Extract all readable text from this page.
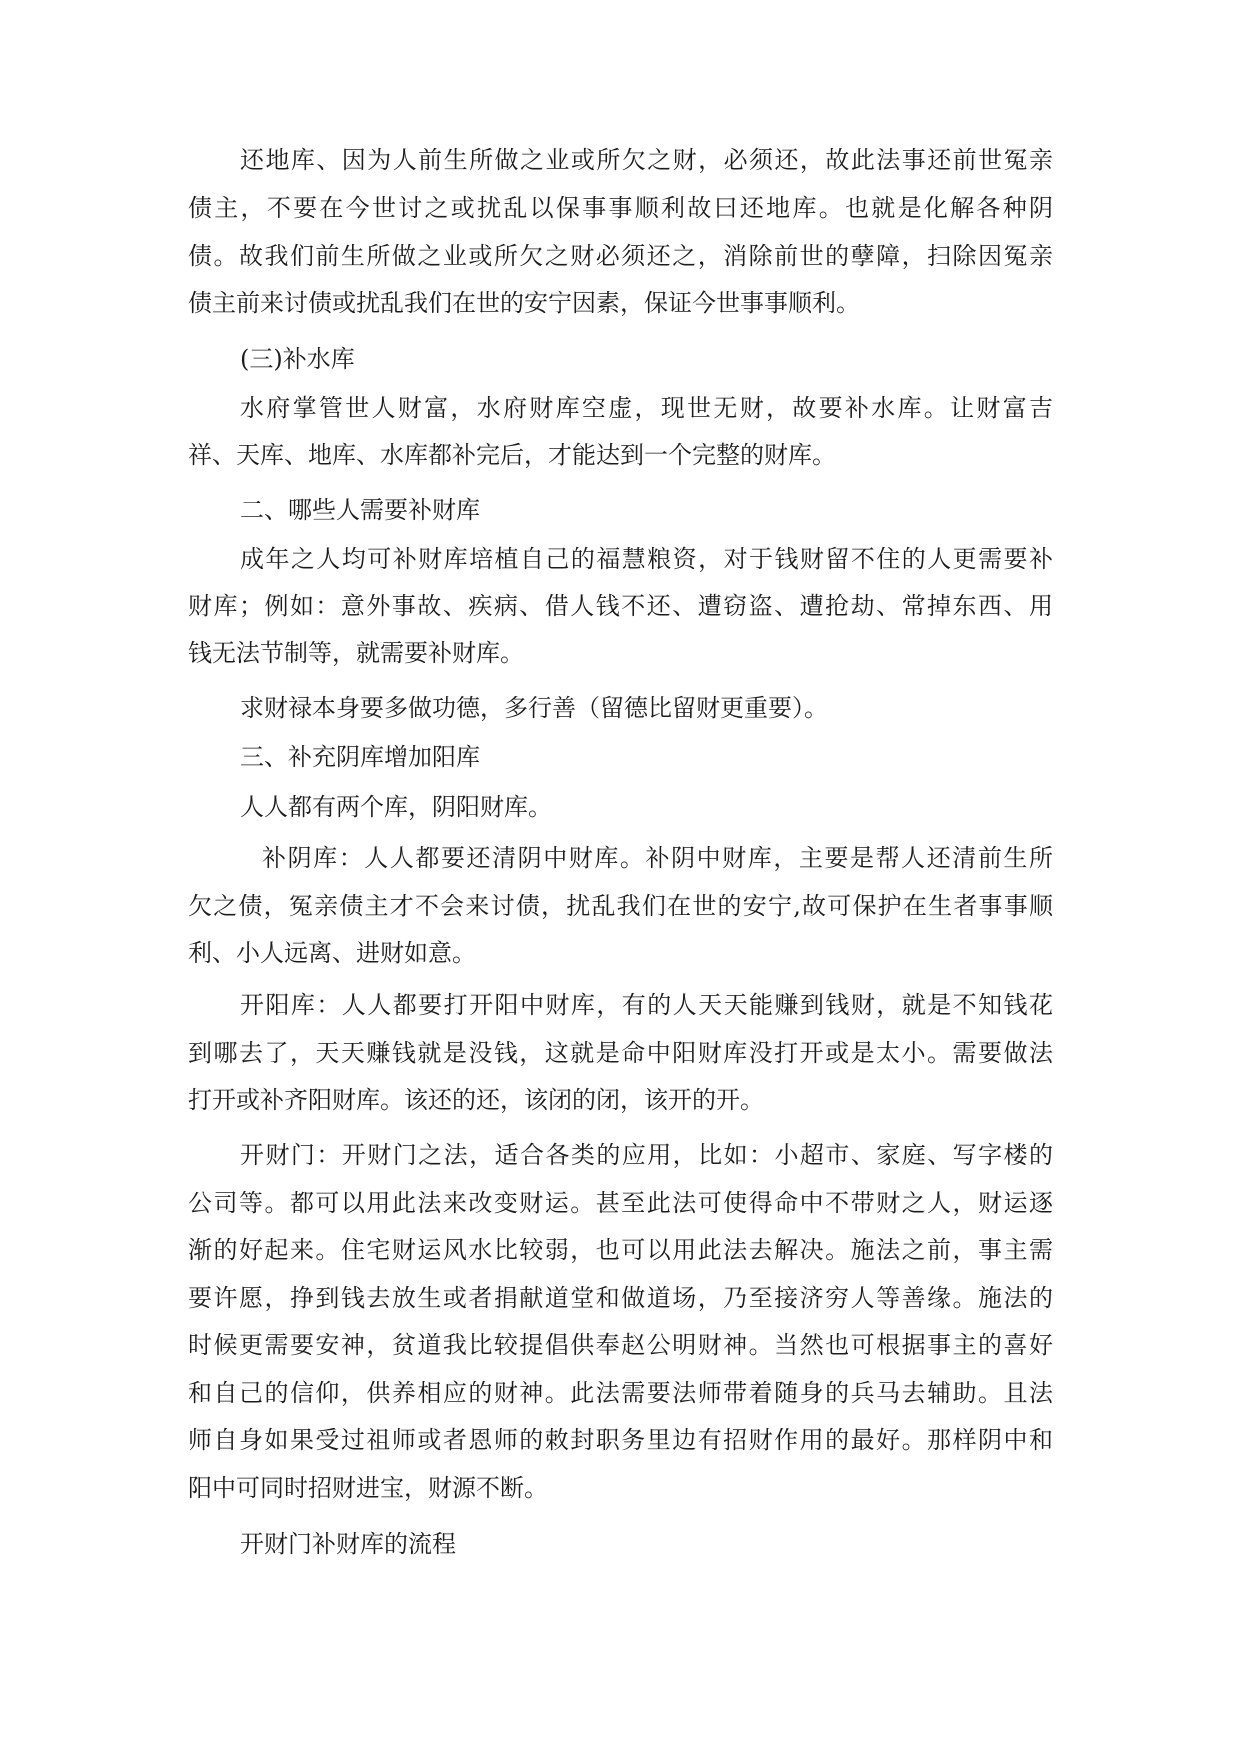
还地库、因为人前生所做之业或所欠之财，必须还，故此法事还前世冤亲
债主，不要在今世讨之或扰乱以保事事顺利故曰还地库。也就是化解各种阴
债。故我们前生所做之业或所欠之财必须还之，消除前世的孽障，扫除因冤亲
债主前来讨债或扰乱我们在世的安宁因素，保证今世事事顺利。
(三)补水库
水府掌管世人财富，水府财库空虚，现世无财，故要补水库。让财富吉
祥、天库、地库、水库都补完后，才能达到一个完整的财库。
二、哪些人需要补财库
成年之人均可补财库培植自己的福慧粮资，对于钱财留不住的人更需要补
财库；例如：意外事故、疾病、借人钱不还、遭窃盗、遭抢劫、常掉东西、用
钱无法节制等，就需要补财库。
求财禄本身要多做功德，多行善（留德比留财更重要）。
三、补充阴库增加阳库
人人都有两个库，阴阳财库。
补阴库：人人都要还清阴中财库。补阴中财库，主要是帮人还清前生所
欠之债，冤亲债主才不会来讨债，扰乱我们在世的安宁,故可保护在生者事事顺
利、小人远离、进财如意。
开阳库：人人都要打开阳中财库，有的人天天能赚到钱财，就是不知钱花
到哪去了，天天赚钱就是没钱，这就是命中阳财库没打开或是太小。需要做法
打开或补齐阳财库。该还的还，该闭的闭，该开的开。
开财门：开财门之法，适合各类的应用，比如：小超市、家庭、写字楼的
公司等。都可以用此法来改变财运。甚至此法可使得命中不带财之人，财运逐
渐的好起来。住宅财运风水比较弱，也可以用此法去解决。施法之前，事主需
要许愿，挣到钱去放生或者捐献道堂和做道场，乃至接济穷人等善缘。施法的
时候更需要安神，贫道我比较提倡供奉赵公明财神。当然也可根据事主的喜好
和自己的信仰，供养相应的财神。此法需要法师带着随身的兵马去辅助。且法
师自身如果受过祖师或者恩师的敕封职务里边有招财作用的最好。那样阴中和
阳中可同时招财进宝，财源不断。
开财门补财库的流程
